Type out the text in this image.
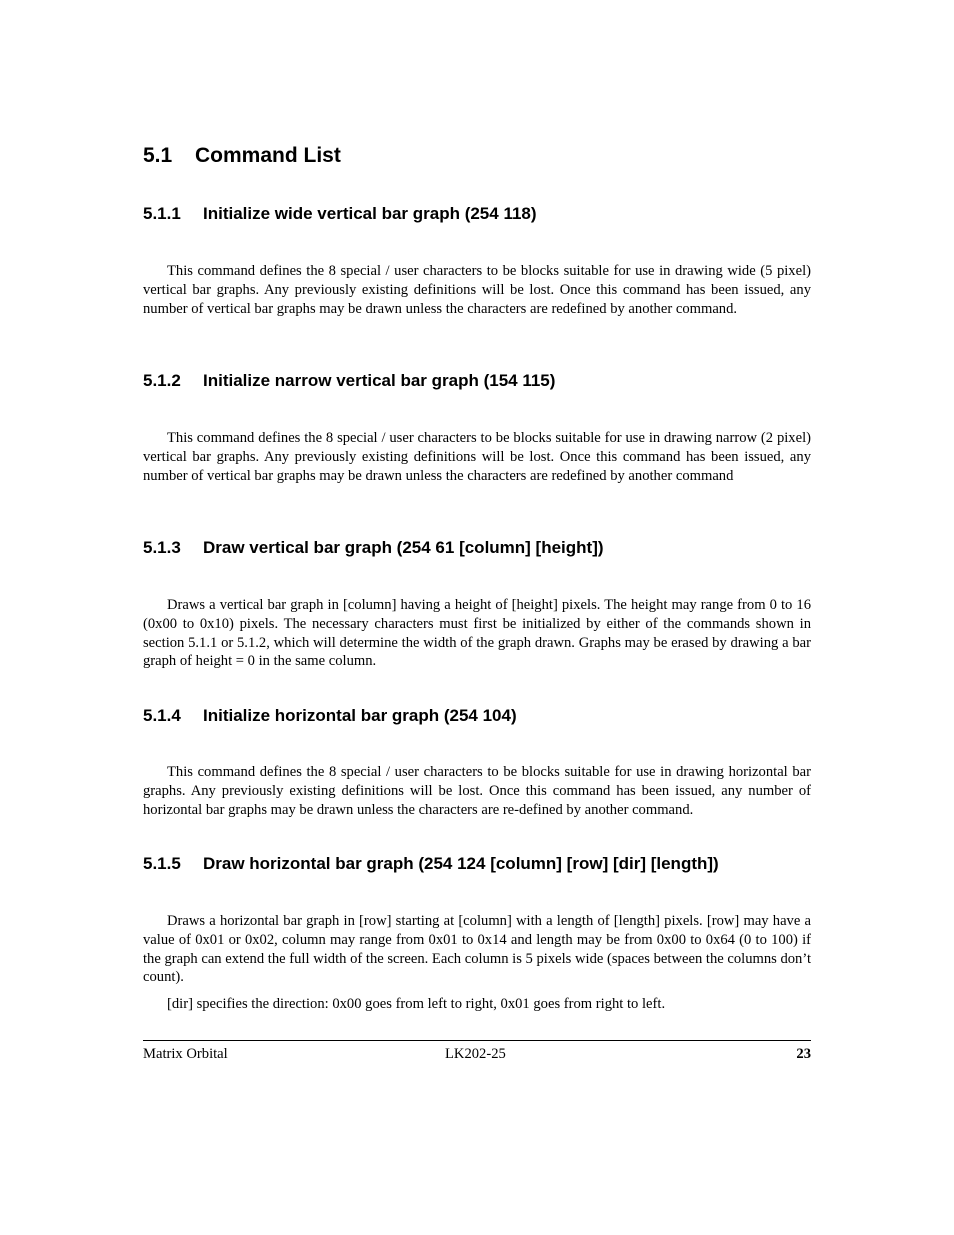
5.1 Command List
5.1.1 Initialize wide vertical bar graph (254 118)

This command defines the 8 special / user characters to be blocks suitable for use in drawing wide (5 pixel) vertical bar graphs. Any previously existing definitions will be lost. Once this command has been issued, any number of vertical bar graphs may be drawn unless the characters are redefined by another command.

5.1.2 Initialize narrow vertical bar graph (154 115)

This command defines the 8 special / user characters to be blocks suitable for use in drawing narrow (2 pixel) vertical bar graphs. Any previously existing definitions will be lost. Once this command has been issued, any number of vertical bar graphs may be drawn unless the characters are redefined by another command

5.1.3 Draw vertical bar graph (254 61 [column] [height])

Draws a vertical bar graph in [column] having a height of [height] pixels. The height may range from 0 to 16 (0x00 to 0x10) pixels. The necessary characters must first be initialized by either of the commands shown in section 5.1.1 or 5.1.2, which will determine the width of the graph drawn. Graphs may be erased by drawing a bar graph of height = 0 in the same column.

5.1.4 Initialize horizontal bar graph (254 104)

This command defines the 8 special / user characters to be blocks suitable for use in drawing horizontal bar graphs. Any previously existing definitions will be lost. Once this command has been issued, any number of horizontal bar graphs may be drawn unless the characters are re-defined by another command.

5.1.5 Draw horizontal bar graph (254 124 [column] [row] [dir] [length])

Draws a horizontal bar graph in [row] starting at [column] with a length of [length] pixels. [row] may have a value of 0x01 or 0x02, column may range from 0x01 to 0x14 and length may be from 0x00 to 0x64 (0 to 100) if the graph can extend the full width of the screen. Each column is 5 pixels wide (spaces between the columns don’t count).

[dir] specifies the direction: 0x00 goes from left to right, 0x01 goes from right to left.

Matrix Orbital	LK202-25	23
